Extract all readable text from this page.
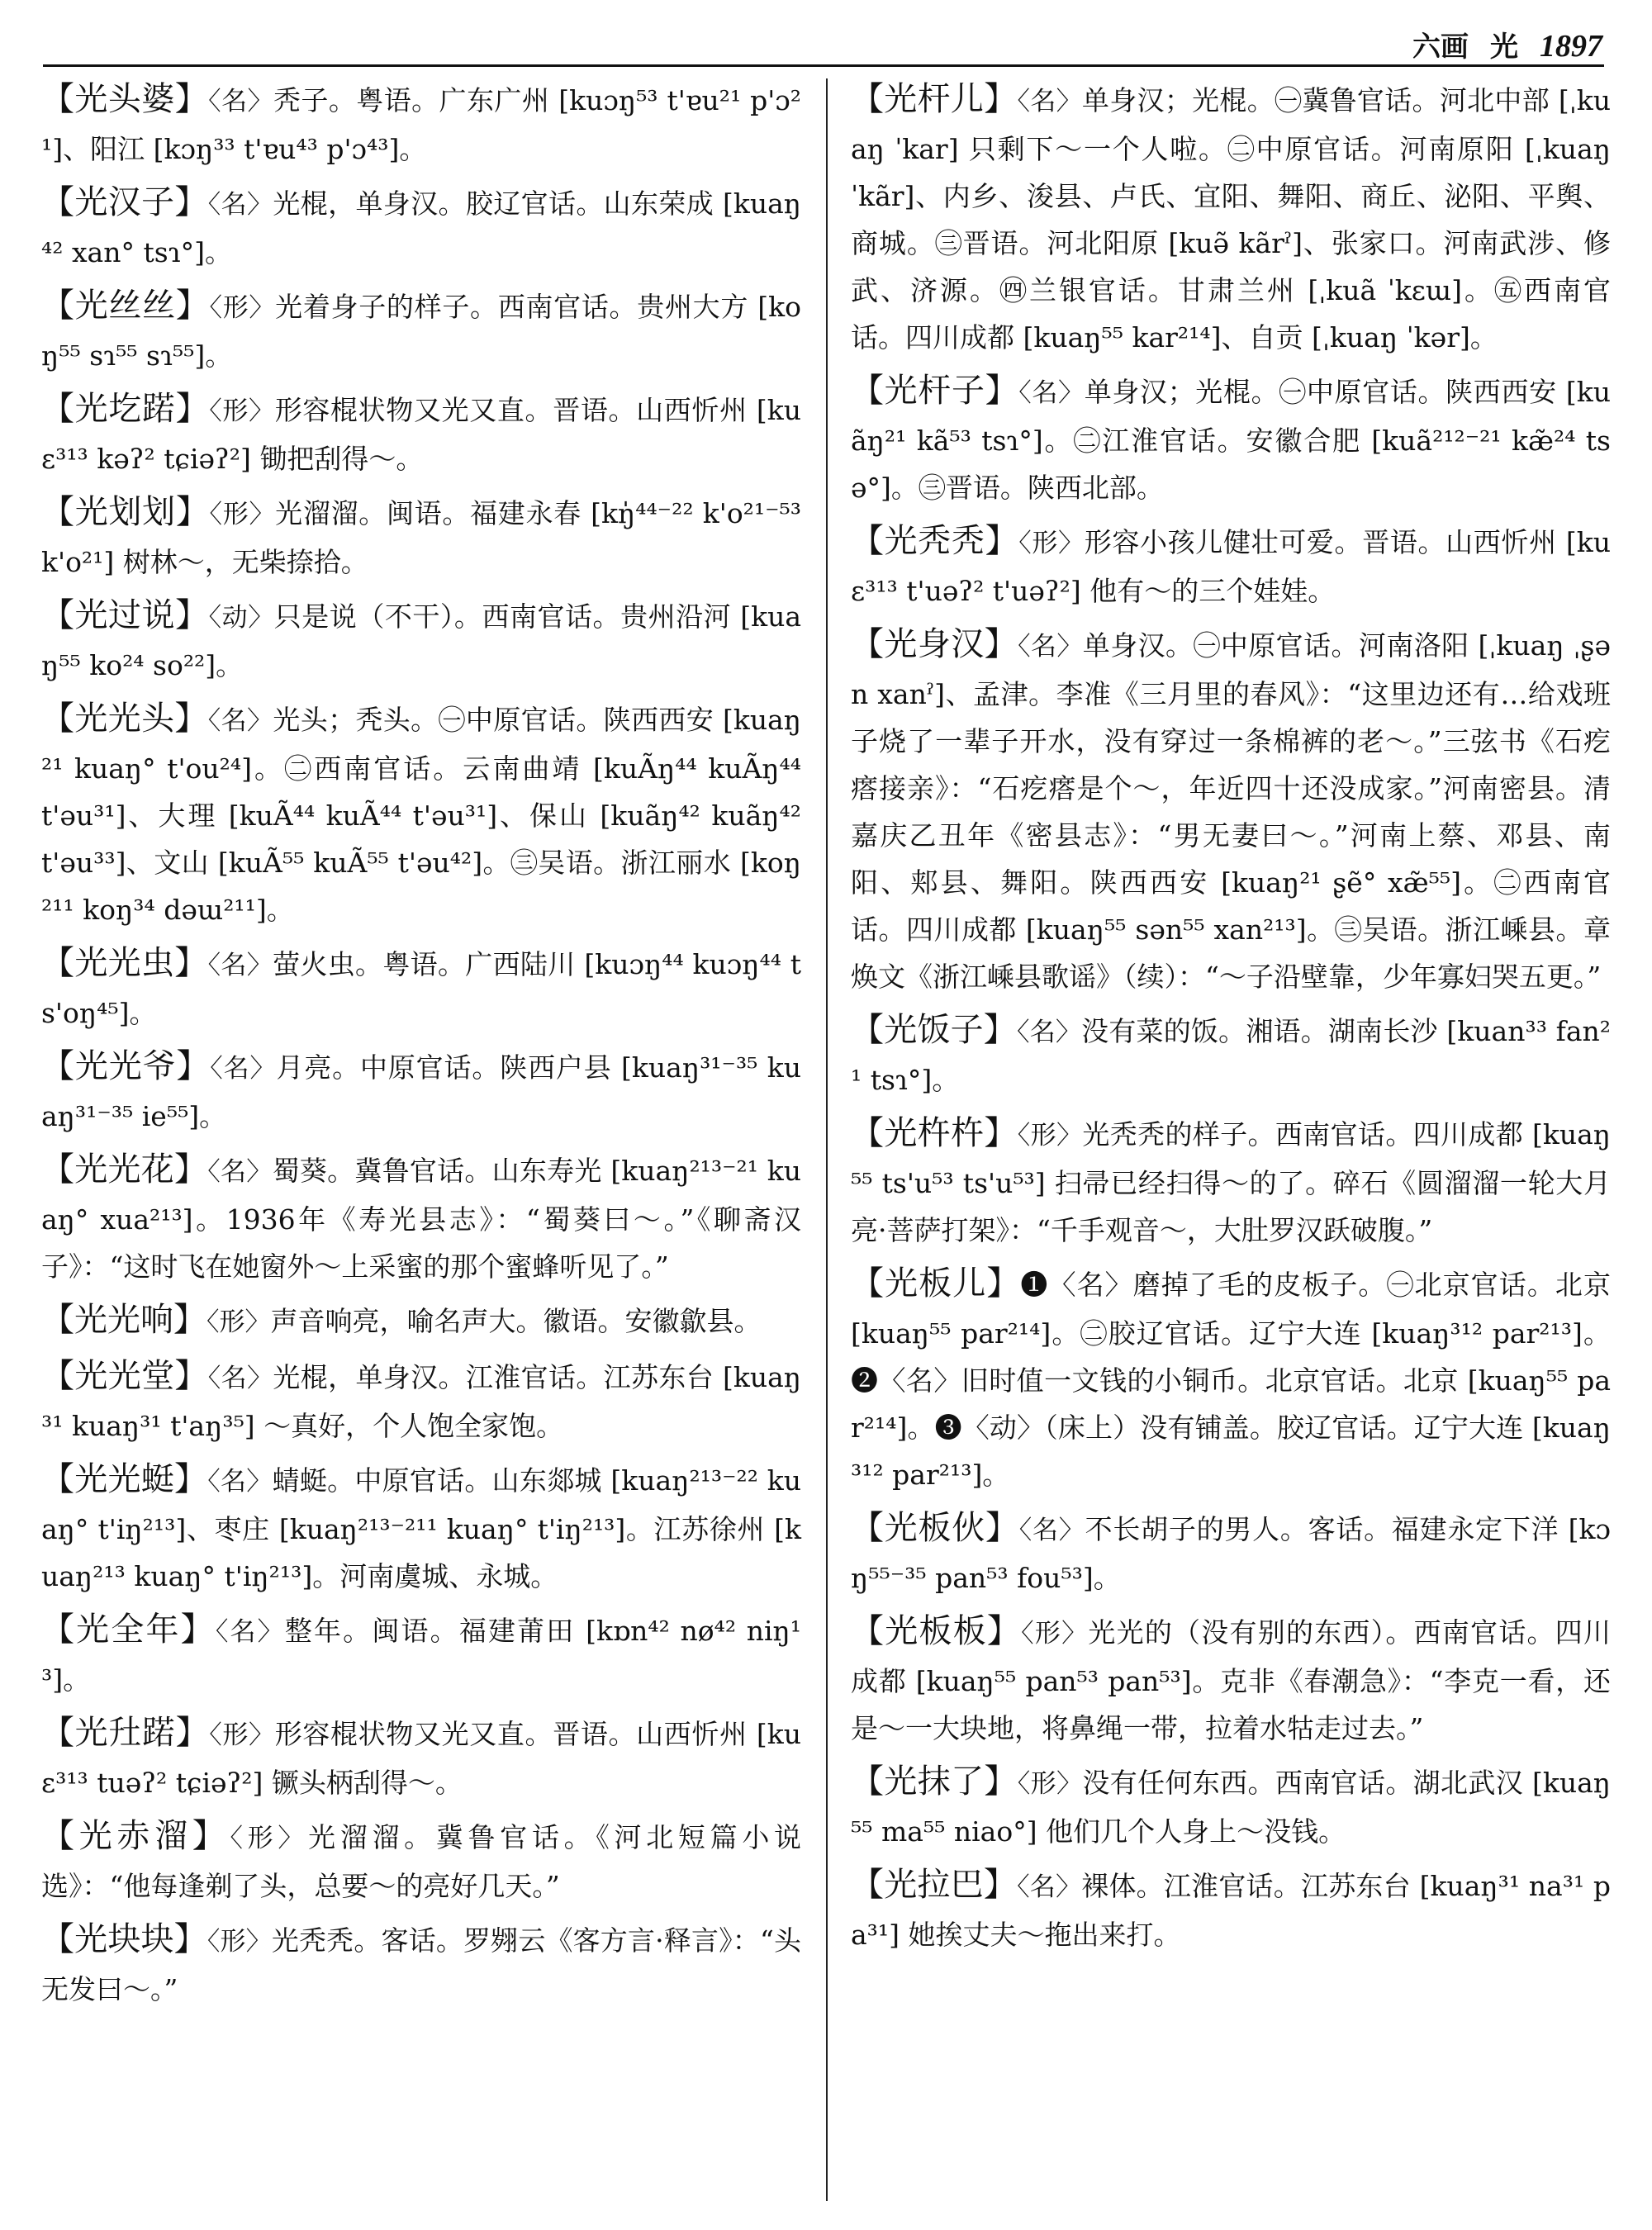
六画 光 1897
【光头婆】〈名〉秃子。粤语。广东广州 [kuɔŋ⁵³ t'ɐu²¹ p'ɔ²¹]、阳江 [kɔŋ³³ t'ɐu⁴³ p'ɔ⁴³]。
【光汉子】〈名〉光棍，单身汉。胶辽官话。山东荣成 [kuaŋ⁴² xan° tsɿ°]。
【光丝丝】〈形〉光着身子的样子。西南官话。贵州大方 [koŋ⁵⁵ sɿ⁵⁵ sɿ⁵⁵]。
【光圪蹃】〈形〉形容棍状物又光又直。晋语。山西忻州 [kuɛ³¹³ kəʔ² tɕiəʔ²] 锄把刮得～。
【光划划】〈形〉光溜溜。闽语。福建永春 [kŋ̍⁴⁴⁻²² k'o²¹⁻⁵³ k'o²¹] 树林～，无柴捺拾。
【光过说】〈动〉只是说（不干）。西南官话。贵州沿河 [kuaŋ⁵⁵ ko²⁴ so²²]。
【光光头】〈名〉光头；秃头。㊀中原官话。陕西西安 [kuaŋ²¹ kuaŋ° t'ou²⁴]。㊁西南官话。云南曲靖 [kuÃŋ⁴⁴ kuÃŋ⁴⁴ t'əu³¹]、大理 [kuÃ⁴⁴ kuÃ⁴⁴ t'əu³¹]、保山 [kuãŋ⁴² kuãŋ⁴² t'əu³³]、文山 [kuÃ⁵⁵ kuÃ⁵⁵ t'əu⁴²]。㊂吴语。浙江丽水 [koŋ²¹¹ koŋ³⁴ dəɯ²¹¹]。
【光光虫】〈名〉萤火虫。粤语。广西陆川 [kuɔŋ⁴⁴ kuɔŋ⁴⁴ ts'oŋ⁴⁵]。
【光光爷】〈名〉月亮。中原官话。陕西户县 [kuaŋ³¹⁻³⁵ kuaŋ³¹⁻³⁵ ie⁵⁵]。
【光光花】〈名〉蜀葵。冀鲁官话。山东寿光 [kuaŋ²¹³⁻²¹ kuaŋ° xua²¹³]。1936年《寿光县志》：“蜀葵曰～。”《聊斋汉子》：“这时飞在她窗外～上采蜜的那个蜜蜂听见了。”
【光光响】〈形〉声音响亮，喻名声大。徽语。安徽歙县。
【光光堂】〈名〉光棍，单身汉。江淮官话。江苏东台 [kuaŋ³¹ kuaŋ³¹ t'aŋ³⁵] ～真好，个人饱全家饱。
【光光蜓】〈名〉蜻蜓。中原官话。山东郯城 [kuaŋ²¹³⁻²² kuaŋ° t'iŋ²¹³]、枣庄 [kuaŋ²¹³⁻²¹¹ kuaŋ° t'iŋ²¹³]。江苏徐州 [kuaŋ²¹³ kuaŋ° t'iŋ²¹³]。河南虞城、永城。
【光全年】〈名〉整年。闽语。福建莆田 [kɒn⁴² nø⁴² niŋ¹³]。
【光圱蹃】〈形〉形容棍状物又光又直。晋语。山西忻州 [kuɛ³¹³ tuəʔ² tɕiəʔ²] 镢头柄刮得～。
【光赤溜】〈形〉光溜溜。冀鲁官话。《河北短篇小说选》：“他每逢剃了头，总要～的亮好几天。”
【光块块】〈形〉光秃秃。客话。罗翙云《客方言·释言》：“头无发曰～。”
【光杆儿】〈名〉单身汉；光棍。㊀冀鲁官话。河北中部 [ˌkuaŋ ˈkar] 只剩下～一个人啦。㊁中原官话。河南原阳 [ˌkuaŋ ˈkãr]、内乡、浚县、卢氏、宜阳、舞阳、商丘、泌阳、平舆、商城。㊂晋语。河北阳原 [kuə̃ kãrˀ]、张家口。河南武涉、修武、济源。㊃兰银官话。甘肃兰州 [ˌkuã ˈkɛɯ]。㊄西南官话。四川成都 [kuaŋ⁵⁵ kar²¹⁴]、自贡 [ˌkuaŋ ˈkər]。
【光杆子】〈名〉单身汉；光棍。㊀中原官话。陕西西安 [kuãŋ²¹ kã⁵³ tsɿ°]。㊁江淮官话。安徽合肥 [kuã²¹²⁻²¹ kæ̃²⁴ tsə°]。㊂晋语。陕西北部。
【光秃秃】〈形〉形容小孩儿健壮可爱。晋语。山西忻州 [kuɛ³¹³ t'uəʔ² t'uəʔ²] 他有～的三个娃娃。
【光身汉】〈名〉单身汉。㊀中原官话。河南洛阳 [ˌkuaŋ ˌʂən xanˀ]、孟津。李准《三月里的春风》：“这里边还有…给戏班子烧了一辈子开水，没有穿过一条棉裤的老～。”三弦书《石疙瘩接亲》：“石疙瘩是个～，年近四十还没成家。”河南密县。清嘉庆乙丑年《密县志》：“男无妻曰～。”河南上蔡、邓县、南阳、郏县、舞阳。陕西西安 [kuaŋ²¹ ʂẽ° xæ̃⁵⁵]。㊁西南官话。四川成都 [kuaŋ⁵⁵ sən⁵⁵ xan²¹³]。㊂吴语。浙江嵊县。章焕文《浙江嵊县歌谣》（续）：“～子沿壁靠，少年寡妇哭五更。”
【光饭子】〈名〉没有菜的饭。湘语。湖南长沙 [kuan³³ fan²¹ tsɿ°]。
【光杵杵】〈形〉光秃秃的样子。西南官话。四川成都 [kuaŋ⁵⁵ ts'u⁵³ ts'u⁵³] 扫帚已经扫得～的了。碎石《圆溜溜一轮大月亮·菩萨打架》：“千手观音～，大肚罗汉跃破腹。”
【光板儿】❶〈名〉磨掉了毛的皮板子。㊀北京官话。北京 [kuaŋ⁵⁵ par²¹⁴]。㊁胶辽官话。辽宁大连 [kuaŋ³¹² par²¹³]。❷〈名〉旧时值一文钱的小铜币。北京官话。北京 [kuaŋ⁵⁵ par²¹⁴]。❸〈动〉（床上）没有铺盖。胶辽官话。辽宁大连 [kuaŋ³¹² par²¹³]。
【光板伙】〈名〉不长胡子的男人。客话。福建永定下洋 [kɔŋ⁵⁵⁻³⁵ pan⁵³ fou⁵³]。
【光板板】〈形〉光光的（没有别的东西）。西南官话。四川成都 [kuaŋ⁵⁵ pan⁵³ pan⁵³]。克非《春潮急》：“李克一看，还是～一大块地，将鼻绳一带，拉着水牯走过去。”
【光抹了】〈形〉没有任何东西。西南官话。湖北武汉 [kuaŋ⁵⁵ ma⁵⁵ niao°] 他们几个人身上～没钱。
【光拉巴】〈名〉裸体。江淮官话。江苏东台 [kuaŋ³¹ na³¹ pa³¹] 她挨丈夫～拖出来打。
